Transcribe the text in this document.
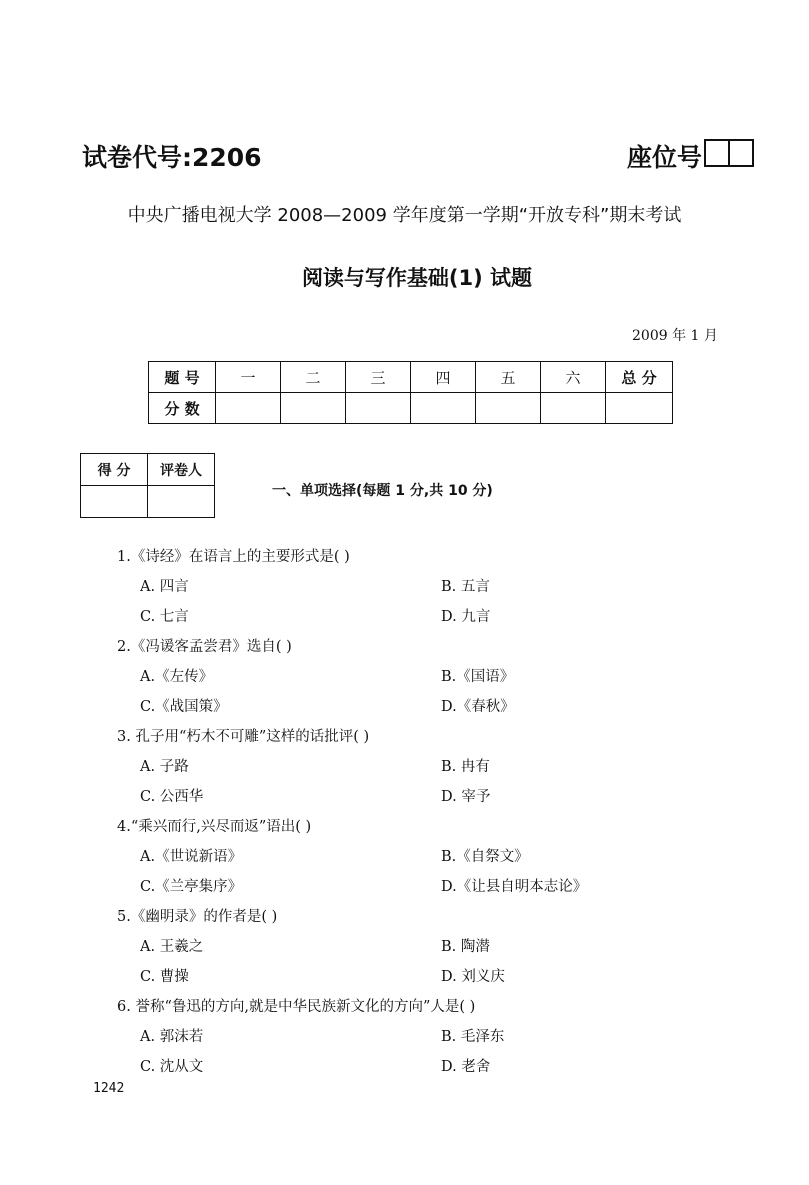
试卷代号:2206	座位号
中央广播电视大学 2008—2009 学年度第一学期“开放专科”期末考试
阅读与写作基础(1) 试题
2009 年 1 月
题 号	一	二	三	四	五	六	总 分
分 数							
得 分	评卷人

一、单项选择(每题 1 分,共 10 分)
1.《诗经》在语言上的主要形式是( )
A. 四言	B. 五言
C. 七言	D. 九言
2.《冯谖客孟尝君》选自( )
A.《左传》	B.《国语》
C.《战国策》	D.《春秋》
3. 孔子用“朽木不可雕”这样的话批评( )
A. 子路	B. 冉有
C. 公西华	D. 宰予
4.“乘兴而行,兴尽而返”语出( )
A.《世说新语》	B.《自祭文》
C.《兰亭集序》	D.《让县自明本志论》
5.《幽明录》的作者是( )
A. 王羲之	B. 陶潜
C. 曹操	D. 刘义庆
6. 誉称“鲁迅的方向,就是中华民族新文化的方向”人是( )
A. 郭沫若	B. 毛泽东
C. 沈从文	D. 老舍
1242
